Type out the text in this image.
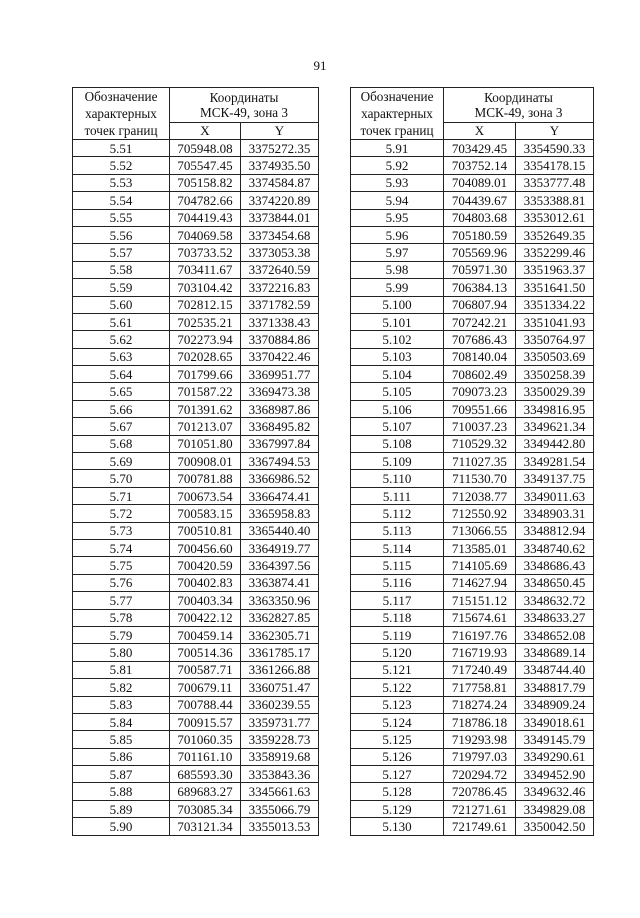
91
Обозначение
характерных
точек границ	Координаты
МСК-49, зона 3	

	X	Y
5.51	705948.08	3375272.35
5.52	705547.45	3374935.50
5.53	705158.82	3374584.87
5.54	704782.66	3374220.89
5.55	704419.43	3373844.01
5.56	704069.58	3373454.68
5.57	703733.52	3373053.38
5.58	703411.67	3372640.59
5.59	703104.42	3372216.83
5.60	702812.15	3371782.59
5.61	702535.21	3371338.43
5.62	702273.94	3370884.86
5.63	702028.65	3370422.46
5.64	701799.66	3369951.77
5.65	701587.22	3369473.38
5.66	701391.62	3368987.86
5.67	701213.07	3368495.82
5.68	701051.80	3367997.84
5.69	700908.01	3367494.53
5.70	700781.88	3366986.52
5.71	700673.54	3366474.41
5.72	700583.15	3365958.83
5.73	700510.81	3365440.40
5.74	700456.60	3364919.77
5.75	700420.59	3364397.56
5.76	700402.83	3363874.41
5.77	700403.34	3363350.96
5.78	700422.12	3362827.85
5.79	700459.14	3362305.71
5.80	700514.36	3361785.17
5.81	700587.71	3361266.88
5.82	700679.11	3360751.47
5.83	700788.44	3360239.55
5.84	700915.57	3359731.77
5.85	701060.35	3359228.73
5.86	701161.10	3358919.68
5.87	685593.30	3353843.36
5.88	689683.27	3345661.63
5.89	703085.34	3355066.79
5.90	703121.34	3355013.53
Обозначение
характерных
точек границ	Координаты
МСК-49, зона 3	

	X	Y
5.91	703429.45	3354590.33
5.92	703752.14	3354178.15
5.93	704089.01	3353777.48
5.94	704439.67	3353388.81
5.95	704803.68	3353012.61
5.96	705180.59	3352649.35
5.97	705569.96	3352299.46
5.98	705971.30	3351963.37
5.99	706384.13	3351641.50
5.100	706807.94	3351334.22
5.101	707242.21	3351041.93
5.102	707686.43	3350764.97
5.103	708140.04	3350503.69
5.104	708602.49	3350258.39
5.105	709073.23	3350029.39
5.106	709551.66	3349816.95
5.107	710037.23	3349621.34
5.108	710529.32	3349442.80
5.109	711027.35	3349281.54
5.110	711530.70	3349137.75
5.111	712038.77	3349011.63
5.112	712550.92	3348903.31
5.113	713066.55	3348812.94
5.114	713585.01	3348740.62
5.115	714105.69	3348686.43
5.116	714627.94	3348650.45
5.117	715151.12	3348632.72
5.118	715674.61	3348633.27
5.119	716197.76	3348652.08
5.120	716719.93	3348689.14
5.121	717240.49	3348744.40
5.122	717758.81	3348817.79
5.123	718274.24	3348909.24
5.124	718786.18	3349018.61
5.125	719293.98	3349145.79
5.126	719797.03	3349290.61
5.127	720294.72	3349452.90
5.128	720786.45	3349632.46
5.129	721271.61	3349829.08
5.130	721749.61	3350042.50
